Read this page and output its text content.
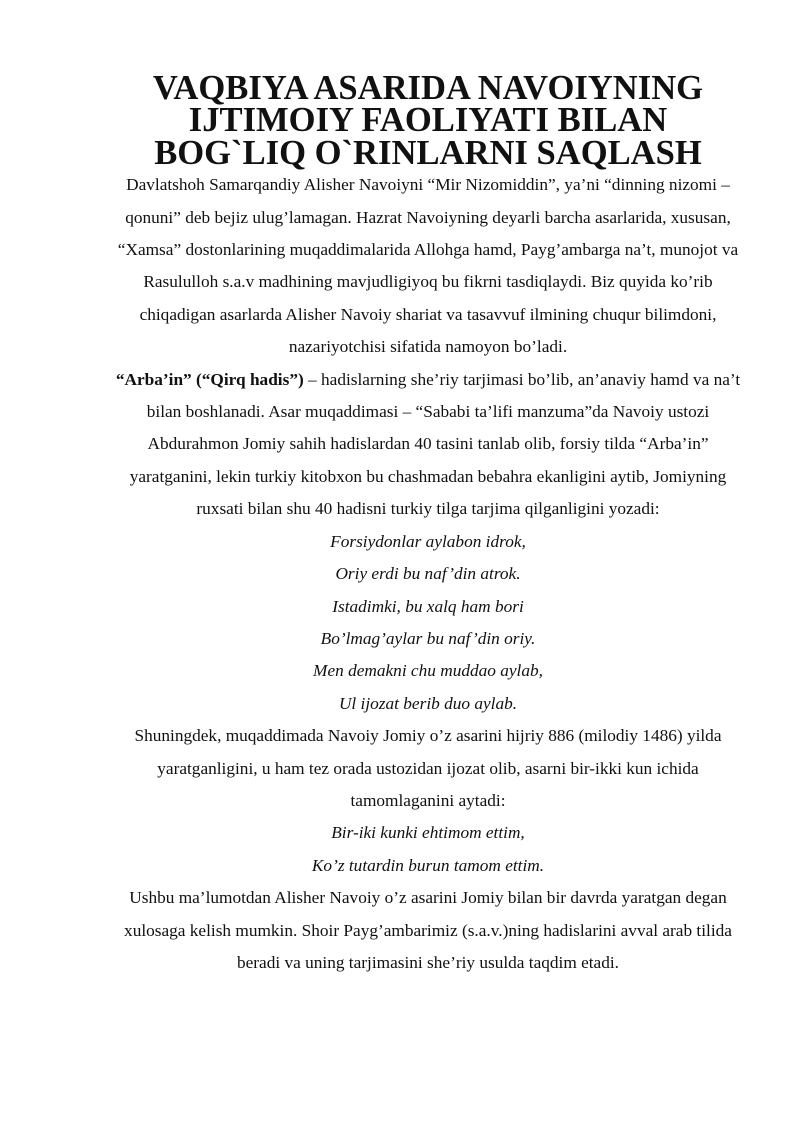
VAQBIYA ASARIDA NAVOIYNING IJTIMOIY FAOLIYATI BILAN
BOG`LIQ O`RINLARNI SAQLASH

Davlatshoh Samarqandiy Alisher Navoiyni “Mir Nizomiddin”, ya’ni “dinning nizomi – qonuni” deb bejiz ulug’lamagan. Hazrat Navoiyning deyarli barcha asarlarida, xususan, “Xamsa” dostonlarining muqaddimalarida Allohga hamd, Payg’ambarga na’t, munojot va Rasululloh s.a.v madhining mavjudligiyoq bu fikrni tasdiqlaydi. Biz quyida ko’rib chiqadigan asarlarda Alisher Navoiy shariat va tasavvuf ilmining chuqur bilimdoni, nazariyotchisi sifatida namoyon bo’ladi.

“Arba’in” (“Qirq hadis”) – hadislarning she’riy tarjimasi bo’lib, an’anaviy hamd va na’t bilan boshlanadi. Asar muqaddimasi – “Sababi ta’lifi manzuma”da Navoiy ustozi Abdurahmon Jomiy sahih hadislardan 40 tasini tanlab olib, forsiy tilda “Arba’in” yaratganini, lekin turkiy kitobxon bu chashmadan bebahra ekanligini aytib, Jomiyning ruxsati bilan shu 40 hadisni turkiy tilga tarjima qilganligini yozadi:

Forsiydonlar aylabon idrok,
Oriy erdi bu naf’din atrok.
Istadimki, bu xalq ham bori
Bo’lmag’aylar bu naf’din oriy.
Men demakni chu muddao aylab,
Ul ijozat berib duo aylab.

Shuningdek, muqaddimada Navoiy Jomiy o’z asarini hijriy 886 (milodiy 1486) yilda yaratganligini, u ham tez orada ustozidan ijozat olib, asarni bir-ikki kun ichida tamomlaganini aytadi:

Bir-iki kunki ehtimom ettim,
Ko’z tutardin burun tamom ettim.

Ushbu ma’lumotdan Alisher Navoiy o’z asarini Jomiy bilan bir davrda yaratgan degan xulosaga kelish mumkin. Shoir Payg’ambarimiz (s.a.v.)ning hadislarini avval arab tilida beradi va uning tarjimasini she’riy usulda taqdim etadi.
